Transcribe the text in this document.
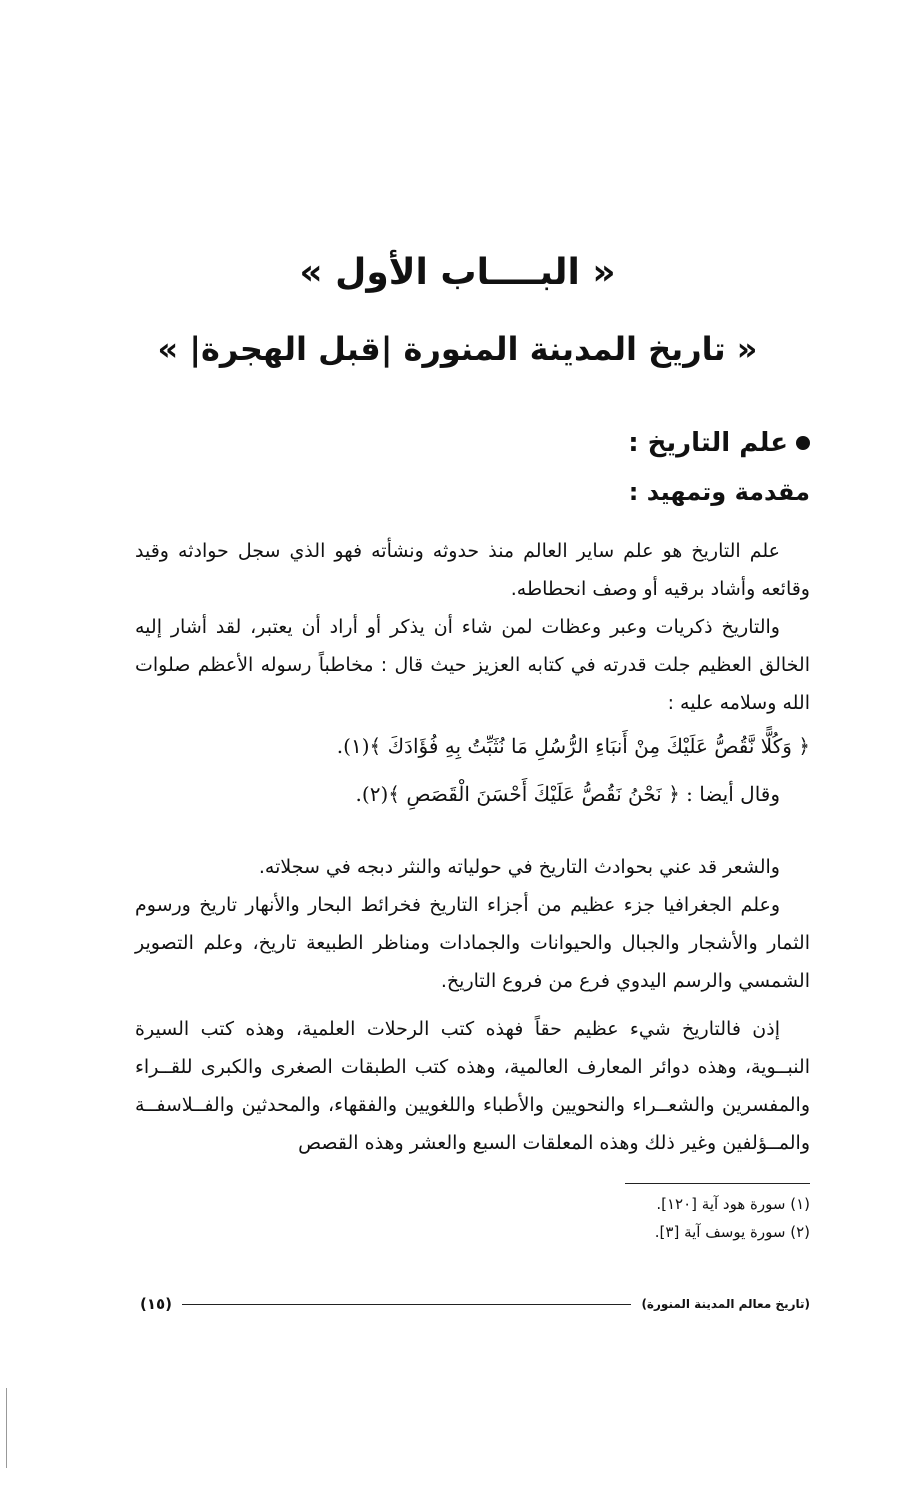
« البــــاب الأول »
« تاريخ المدينة المنورة |قبل الهجرة| »
علم التاريخ :
مقدمة وتمهيد :

علم التاريخ هو علم ساير العالم منذ حدوثه ونشأته فهو الذي سجل حوادثه وقيد وقائعه وأشاد برقيه أو وصف انحطاطه.

والتاريخ ذكريات وعبر وعظات لمن شاء أن يذكر أو أراد أن يعتبر، لقد أشار إليه الخالق العظيم جلت قدرته في كتابه العزيز حيث قال : مخاطباً رسوله الأعظم صلوات الله وسلامه عليه :

﴿ وَكُلًّا نَّقُصُّ عَلَيْكَ مِنْ أَنبَاءِ الرُّسُلِ مَا نُثَبِّتُ بِهِ فُؤَادَكَ ﴾(١).

وقال أيضا : ﴿ نَحْنُ نَقُصُّ عَلَيْكَ أَحْسَنَ الْقَصَصِ ﴾(٢).

والشعر قد عني بحوادث التاريخ في حولياته والنثر دبجه في سجلاته.

وعلم الجغرافيا جزء عظيم من أجزاء التاريخ فخرائط البحار والأنهار تاريخ ورسوم الثمار والأشجار والجبال والحيوانات والجمادات ومناظر الطبيعة تاريخ، وعلم التصوير الشمسي والرسم اليدوي فرع من فروع التاريخ.

إذن فالتاريخ شيء عظيم حقاً فهذه كتب الرحلات العلمية، وهذه كتب السيرة النبــوية، وهذه دوائر المعارف العالمية، وهذه كتب الطبقات الصغرى والكبرى للقــراء والمفسرين والشعــراء والنحويين والأطباء واللغويين والفقهاء، والمحدثين والفــلاسفــة والمــؤلفين وغير ذلك وهذه المعلقات السبع والعشر وهذه القصص

(١) سورة هود آية [١٢٠].
(٢) سورة يوسف آية [٣].
(تاريخ معالم المدينة المنورة)
(١٥)
